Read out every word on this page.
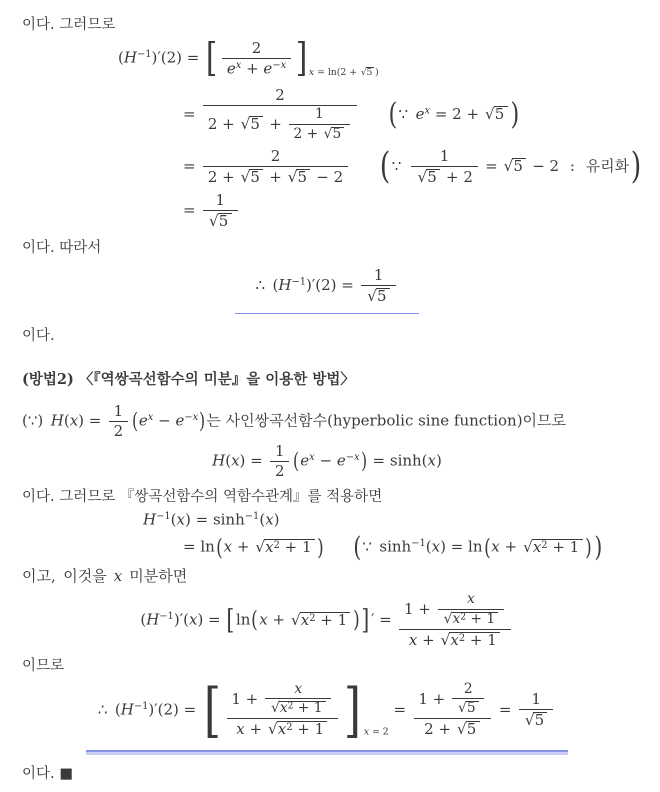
이다. 그러므로
$(H^{-1})'(2)$ = [ $\frac{2}{e^x + e^{-x}}$ ] $_{x = ln(2 + √5 )}$
= $\frac{2}{2 + √5 + \frac{1}{2 + √5}}$ (∵ $e^x = 2 + √5$ )
= $\frac{2}{2 + √5 + √5 - 2}$ ( ∵ $\frac{1}{√5 + 2} = √5 - 2$ : 유리화)
= $\frac{1}{√5}$
이다. 따라서
∴ $(H^{-1})'(2) = \frac{1}{√5}$
이다.
(방법2) 〈『역쌍곡선함수의 미분』을 이용한 방법〉
(∵) $H(x) = \frac{1}{2} (e^x - e^{-x})$는 사인쌍곡선함수(hyperbolic sine function)이므로
$H(x) = \frac{1}{2} (e^x - e^{-x}) = \sinh(x)$
이다. 그러므로 『쌍곡선함수의 역함수관계』를 적용하면
$H^{-1}(x) = \sinh^{-1}(x)$
= $\ln(x + √x^2 + 1$ ) (∵ $\sinh^{-1}(x) = \ln(x + √x^2 + 1$ ))
이고, 이것을 x 미분하면
$(H^{-1})'(x) = [\ln(x + √x^2 + 1$ )]′ = $\frac{1 + \frac{x}{√x^2 + 1}}{x + √x^2 + 1}$
이므로
∴ $(H^{-1})'(2)$ = [ $\frac{1 + \frac{x}{√x^2 + 1}}{x + √x^2 + 1}$ ] $_{x = 2} = \frac{1 + \frac{2}{√5}}{2 + √5} = \frac{1}{√5}$
이다. ■
